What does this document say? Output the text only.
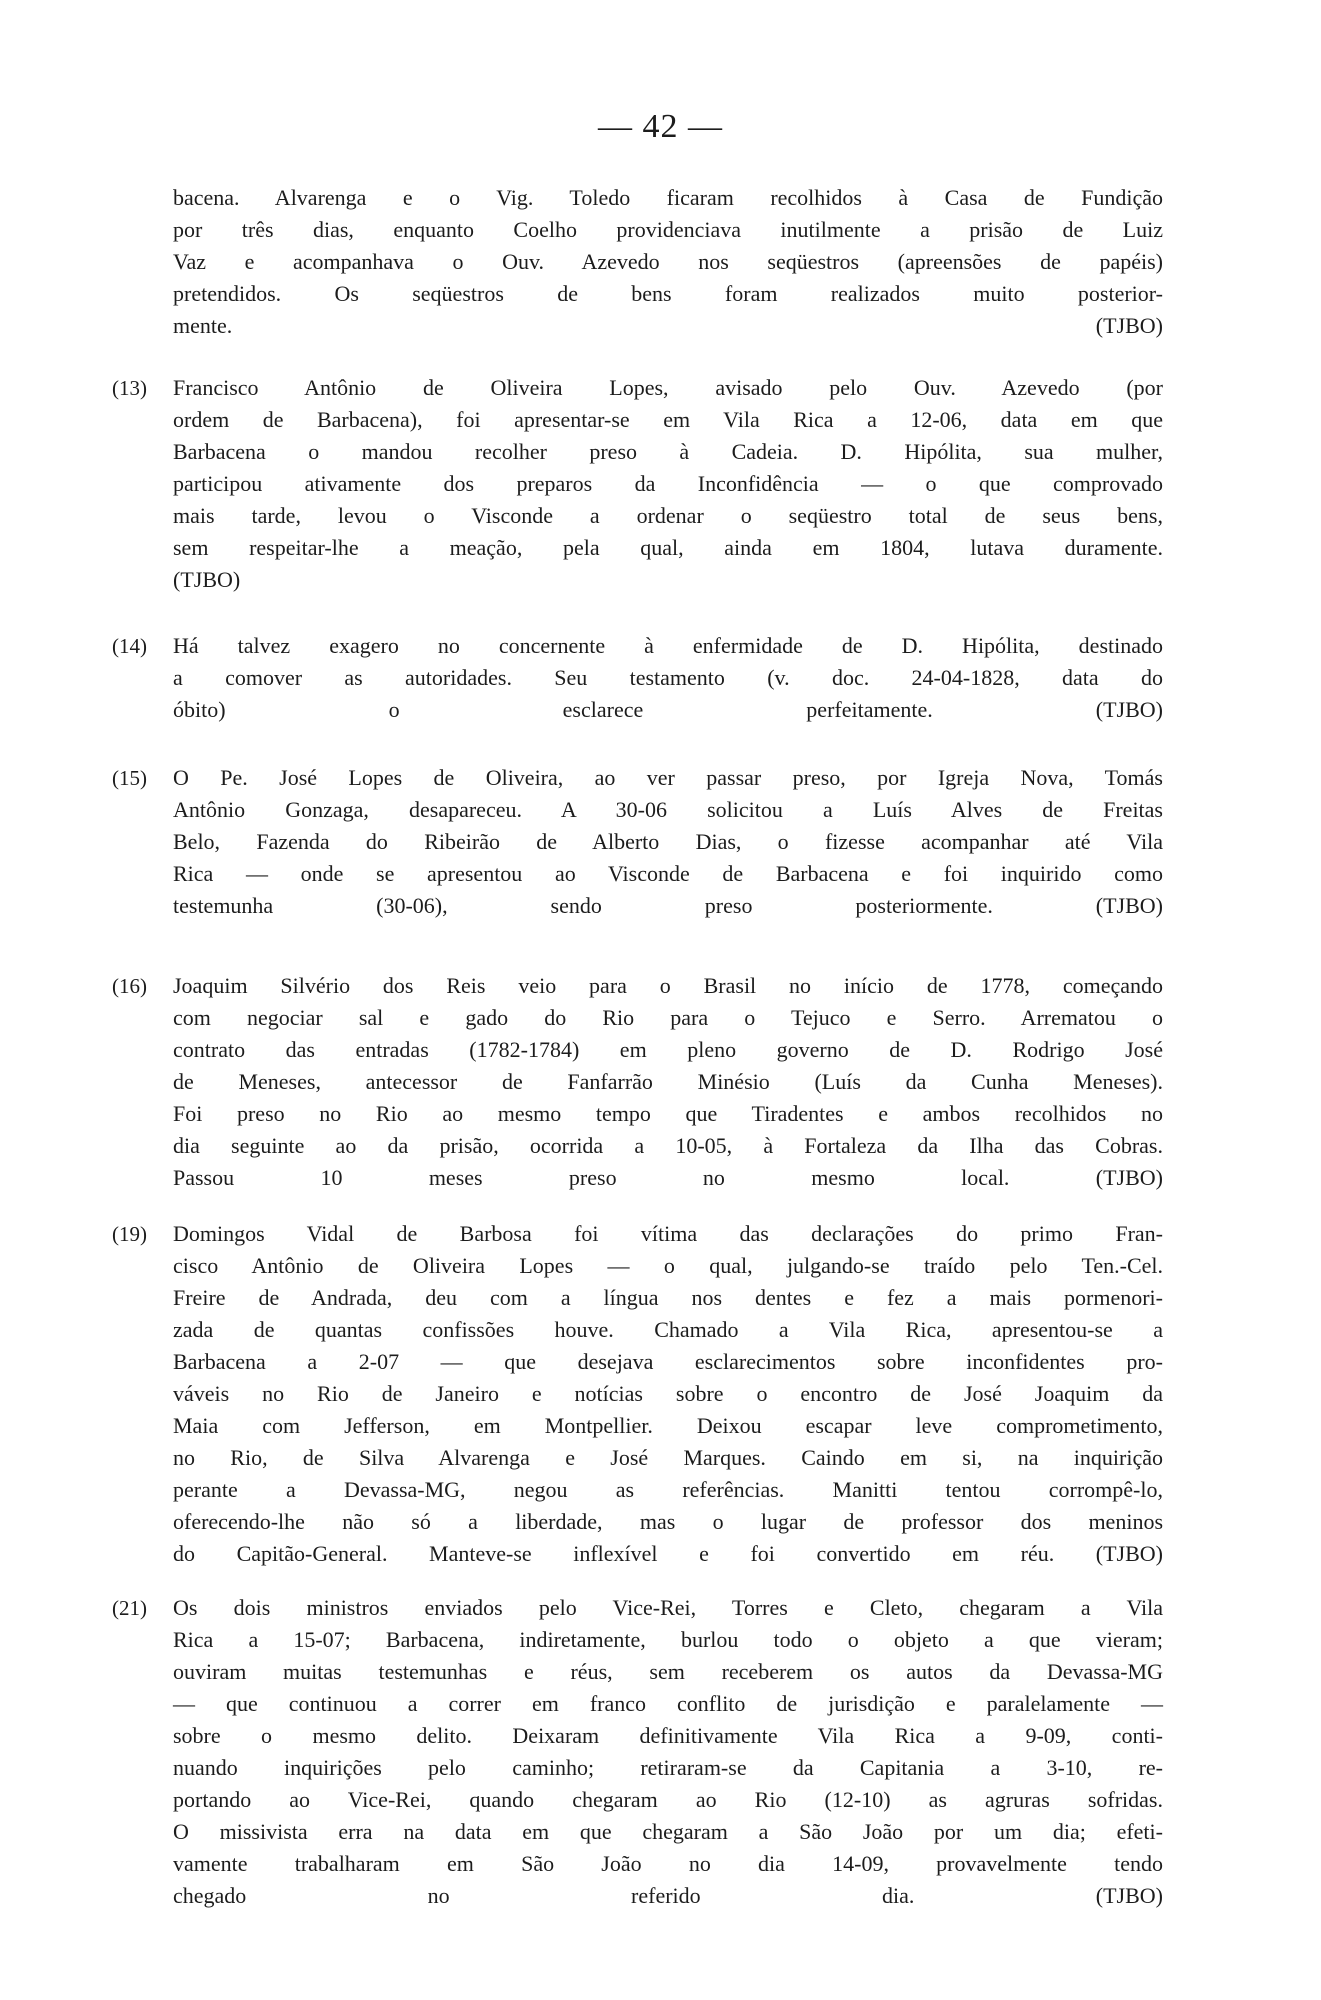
— 42 —
bacena. Alvarenga e o Vig. Toledo ficaram recolhidos à Casa de Fundição
por três dias, enquanto Coelho providenciava inutilmente a prisão de Luiz
Vaz e acompanhava o Ouv. Azevedo nos seqüestros (apreensões de papéis)
pretendidos. Os seqüestros de bens foram realizados muito posterior-
mente. (TJBO)
(13) Francisco Antônio de Oliveira Lopes, avisado pelo Ouv. Azevedo (por
ordem de Barbacena), foi apresentar-se em Vila Rica a 12-06, data em que
Barbacena o mandou recolher preso à Cadeia. D. Hipólita, sua mulher,
participou ativamente dos preparos da Inconfidência — o que comprovado
mais tarde, levou o Visconde a ordenar o seqüestro total de seus bens,
sem respeitar-lhe a meação, pela qual, ainda em 1804, lutava duramente.
(TJBO)
(14) Há talvez exagero no concernente à enfermidade de D. Hipólita, destinado
a comover as autoridades. Seu testamento (v. doc. 24-04-1828, data do
óbito) o esclarece perfeitamente. (TJBO)
(15) O Pe. José Lopes de Oliveira, ao ver passar preso, por Igreja Nova, Tomás
Antônio Gonzaga, desapareceu. A 30-06 solicitou a Luís Alves de Freitas
Belo, Fazenda do Ribeirão de Alberto Dias, o fizesse acompanhar até Vila
Rica — onde se apresentou ao Visconde de Barbacena e foi inquirido como
testemunha (30-06), sendo preso posteriormente. (TJBO)
(16) Joaquim Silvério dos Reis veio para o Brasil no início de 1778, começando
com negociar sal e gado do Rio para o Tejuco e Serro. Arrematou o
contrato das entradas (1782-1784) em pleno governo de D. Rodrigo José
de Meneses, antecessor de Fanfarrão Minésio (Luís da Cunha Meneses).
Foi preso no Rio ao mesmo tempo que Tiradentes e ambos recolhidos no
dia seguinte ao da prisão, ocorrida a 10-05, à Fortaleza da Ilha das Cobras.
Passou 10 meses preso no mesmo local. (TJBO)
(19) Domingos Vidal de Barbosa foi vítima das declarações do primo Fran-
cisco Antônio de Oliveira Lopes — o qual, julgando-se traído pelo Ten.-Cel.
Freire de Andrada, deu com a língua nos dentes e fez a mais pormenori-
zada de quantas confissões houve. Chamado a Vila Rica, apresentou-se a
Barbacena a 2-07 — que desejava esclarecimentos sobre inconfidentes pro-
váveis no Rio de Janeiro e notícias sobre o encontro de José Joaquim da
Maia com Jefferson, em Montpellier. Deixou escapar leve comprometimento,
no Rio, de Silva Alvarenga e José Marques. Caindo em si, na inquirição
perante a Devassa-MG, negou as referências. Manitti tentou corrompê-lo,
oferecendo-lhe não só a liberdade, mas o lugar de professor dos meninos
do Capitão-General. Manteve-se inflexível e foi convertido em réu. (TJBO)
(21) Os dois ministros enviados pelo Vice-Rei, Torres e Cleto, chegaram a Vila
Rica a 15-07; Barbacena, indiretamente, burlou todo o objeto a que vieram;
ouviram muitas testemunhas e réus, sem receberem os autos da Devassa-MG
— que continuou a correr em franco conflito de jurisdição e paralelamente —
sobre o mesmo delito. Deixaram definitivamente Vila Rica a 9-09, conti-
nuando inquirições pelo caminho; retiraram-se da Capitania a 3-10, re-
portando ao Vice-Rei, quando chegaram ao Rio (12-10) as agruras sofridas.
O missivista erra na data em que chegaram a São João por um dia; efeti-
vamente trabalharam em São João no dia 14-09, provavelmente tendo
chegado no referido dia. (TJBO)
